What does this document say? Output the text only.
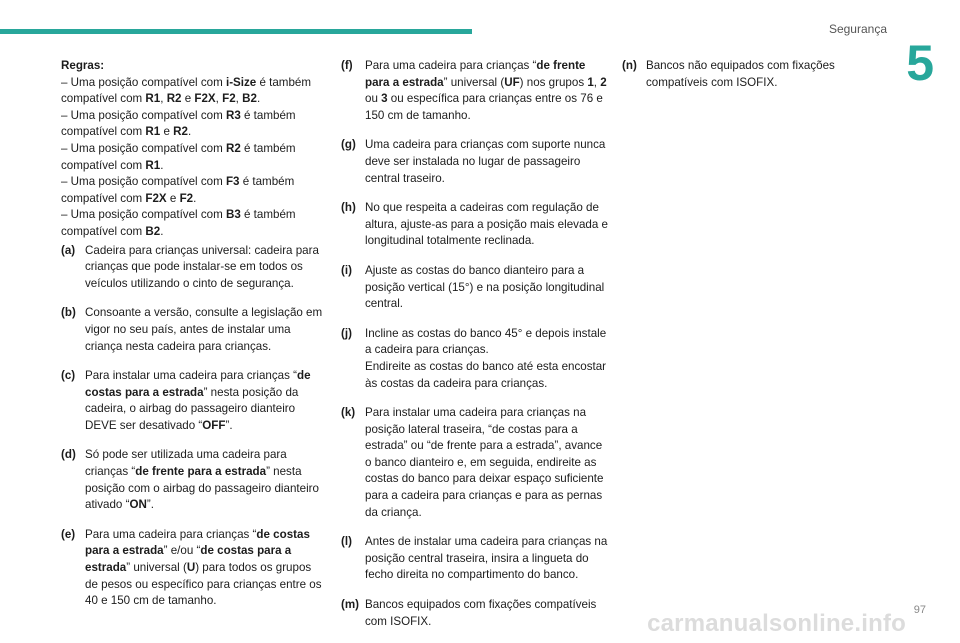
Segurança
5
Regras:
– Uma posição compatível com i-Size é também compatível com R1, R2 e F2X, F2, B2.
– Uma posição compatível com R3 é também compatível com R1 e R2.
– Uma posição compatível com R2 é também compatível com R1.
– Uma posição compatível com F3 é também compatível com F2X e F2.
– Uma posição compatível com B3 é também compatível com B2.
(a) Cadeira para crianças universal: cadeira para crianças que pode instalar-se em todos os veículos utilizando o cinto de segurança.
(b) Consoante a versão, consulte a legislação em vigor no seu país, antes de instalar uma criança nesta cadeira para crianças.
(c) Para instalar uma cadeira para crianças “de costas para a estrada” nesta posição da cadeira, o airbag do passageiro dianteiro DEVE ser desativado “OFF”.
(d) Só pode ser utilizada uma cadeira para crianças “de frente para a estrada” nesta posição com o airbag do passageiro dianteiro ativado “ON”.
(e) Para uma cadeira para crianças “de costas para a estrada” e/ou “de costas para a estrada” universal (U) para todos os grupos de pesos ou específico para crianças entre os 40 e 150 cm de tamanho.
(f)	Para uma cadeira para crianças “de frente para a estrada” universal (UF) nos grupos 1, 2 ou 3 ou específica para crianças entre os 76 e 150 cm de tamanho.
(g) Uma cadeira para crianças com suporte nunca deve ser instalada no lugar de passageiro central traseiro.
(h) No que respeita a cadeiras com regulação de altura, ajuste-as para a posição mais elevada e longitudinal totalmente reclinada.
(i)	Ajuste as costas do banco dianteiro para a posição vertical (15°) e na posição longitudinal central.
(j)	Incline as costas do banco 45° e depois instale a cadeira para crianças.
Endireite as costas do banco até esta encostar às costas da cadeira para crianças.
(k) Para instalar uma cadeira para crianças na posição lateral traseira, “de costas para a estrada” ou “de frente para a estrada”, avance o banco dianteiro e, em seguida, endireite as costas do banco para deixar espaço suficiente para a cadeira para crianças e para as pernas da criança.
(l)	Antes de instalar uma cadeira para crianças na posição central traseira, insira a lingueta do fecho direita no compartimento do banco.
(m) Bancos equipados com fixações compatíveis com ISOFIX.
(n) Bancos não equipados com fixações compatíveis com ISOFIX.
carmanualsonline.info 97
